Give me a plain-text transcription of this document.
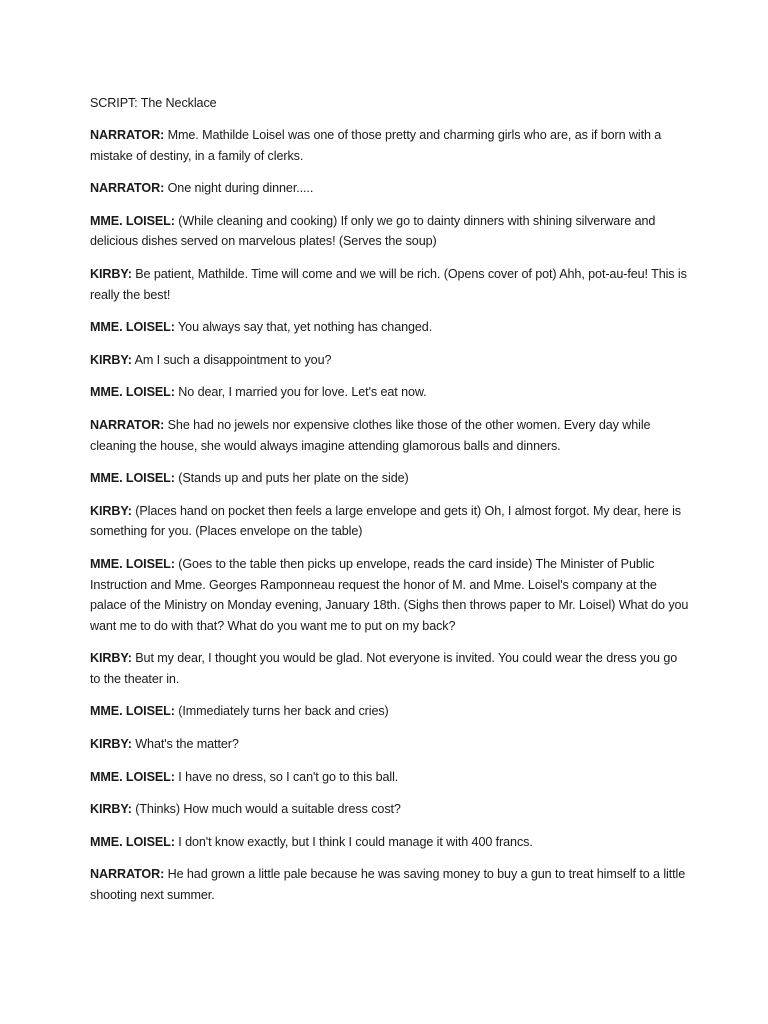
SCRIPT: The Necklace
NARRATOR: Mme. Mathilde Loisel was one of those pretty and charming girls who are, as if born with a mistake of destiny, in a family of clerks.
NARRATOR: One night during dinner.....
MME. LOISEL: (While cleaning and cooking) If only we go to dainty dinners with shining silverware and delicious dishes served on marvelous plates! (Serves the soup)
KIRBY: Be patient, Mathilde. Time will come and we will be rich. (Opens cover of pot) Ahh, pot-au-feu! This is really the best!
MME. LOISEL: You always say that, yet nothing has changed.
KIRBY: Am I such a disappointment to you?
MME. LOISEL: No dear, I married you for love. Let's eat now.
NARRATOR: She had no jewels nor expensive clothes like those of the other women. Every day while cleaning the house, she would always imagine attending glamorous balls and dinners.
MME. LOISEL: (Stands up and puts her plate on the side)
KIRBY: (Places hand on pocket then feels a large envelope and gets it) Oh, I almost forgot. My dear, here is something for you. (Places envelope on the table)
MME. LOISEL: (Goes to the table then picks up envelope, reads the card inside) The Minister of Public Instruction and Mme. Georges Ramponneau request the honor of M. and Mme. Loisel's company at the palace of the Ministry on Monday evening, January 18th. (Sighs then throws paper to Mr. Loisel) What do you want me to do with that? What do you want me to put on my back?
KIRBY: But my dear, I thought you would be glad. Not everyone is invited. You could wear the dress you go to the theater in.
MME. LOISEL: (Immediately turns her back and cries)
KIRBY: What's the matter?
MME. LOISEL: I have no dress, so I can't go to this ball.
KIRBY: (Thinks) How much would a suitable dress cost?
MME. LOISEL: I don't know exactly, but I think I could manage it with 400 francs.
NARRATOR: He had grown a little pale because he was saving money to buy a gun to treat himself to a little shooting next summer.
